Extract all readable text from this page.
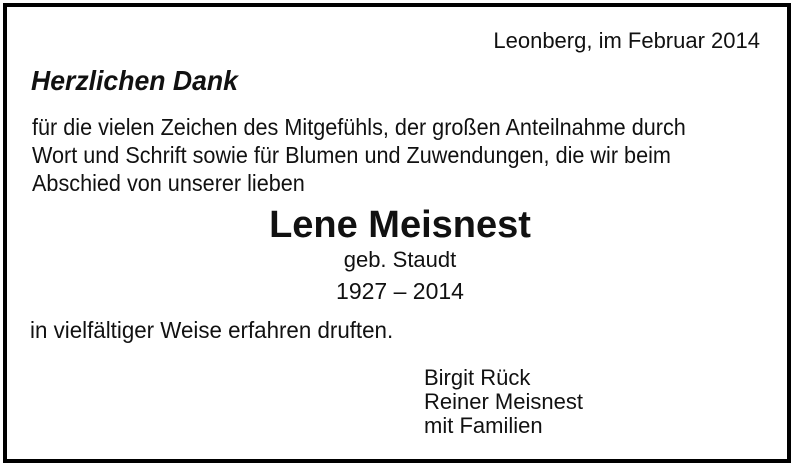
Leonberg, im Februar 2014
Herzlichen Dank
für die vielen Zeichen des Mitgefühls, der großen Anteilnahme durch
Wort und Schrift sowie für Blumen und Zuwendungen, die wir beim
Abschied von unserer lieben
Lene Meisnest
geb. Staudt
1927 – 2014
in vielfältiger Weise erfahren druften.
Birgit Rück
Reiner Meisnest
mit Familien
